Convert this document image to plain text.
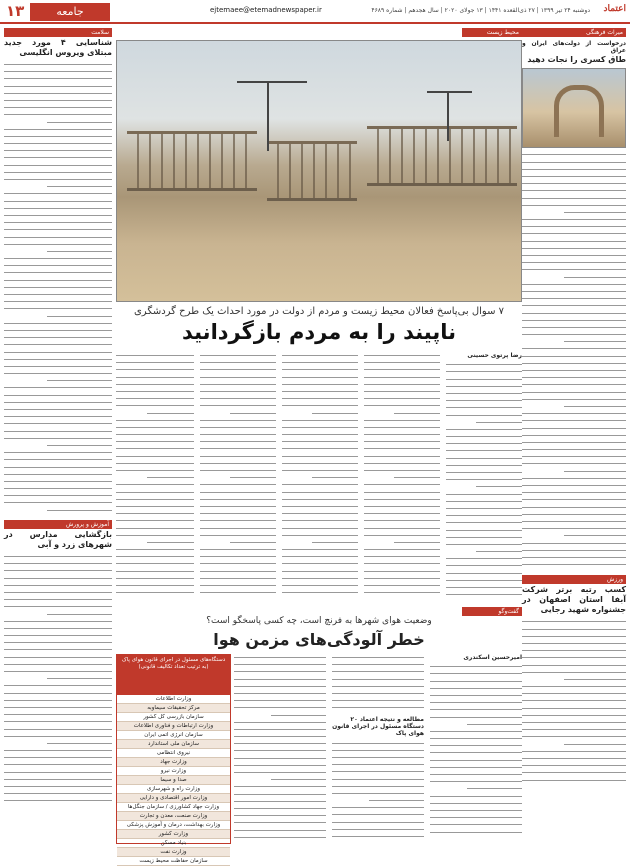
۱۳	جامعه	ejtemaee@etemadnewspaper.ir	دوشنبه ۲۴ تیر ۱۳۹۹ | ۲۷ ذی‌القعده ۱۴۴۱ | ۱۳ جولای ۲۰۲۰ | سال هجدهم | شماره ۴۶۸۹ اعتماد
میراث فرهنگی
درخواست از دولت‌های ایران و عراق
طاق کسری را نجات دهید
ورزش
کسب رتبه برتر شرکت آبفا استان اصفهان در جشنواره شهید رجایی
سلامت
شناسایی ۴ مورد جدید مبتلای ویروس انگلیسی
آموزش و پرورش
بازگشایی مدارس در شهرهای زرد و آبی
محیط زیست
۷ سوال بی‌پاسخ فعالان محیط زیست و مردم از دولت در مورد احداث یک طرح گردشگری
ناپیند را به مردم بازگردانید
رضا پرتوی حسینی
گفت‌وگو
وضعیت هوای شهرها به فرنچ است، چه کسی پاسخگو است؟
خطر آلودگی‌های مزمن هوا
امیرحسین اسکندری
مطالعه و نتیجه اعتماد ۲۰ دستگاه مسئول در اجرای قانون هوای پاک
دستگاه‌های مسئول در اجرای قانون هوای پاک (به ترتیب تعداد تکالیف قانونی)
وزارت اطلاعات
مرکز تحقیقات سیماوبه
سازمان بازرسی کل کشور
وزارت ارتباطات و فناوری اطلاعات
سازمان انرژی اتمی ایران
سازمان ملی استاندارد
نیروی انتظامی
وزارت جهاد
وزارت نیرو
صدا و سیما
وزارت راه و شهرسازی
وزارت امور اقتصادی و دارایی
وزارت جهاد کشاورزی / سازمان جنگل‌ها
وزارت صنعت، معدن و تجارت
وزارت بهداشت، درمان و آموزش پزشکی
وزارت کشور
بنیاد مسکن
وزارت نفت
سازمان حفاظت محیط زیست
